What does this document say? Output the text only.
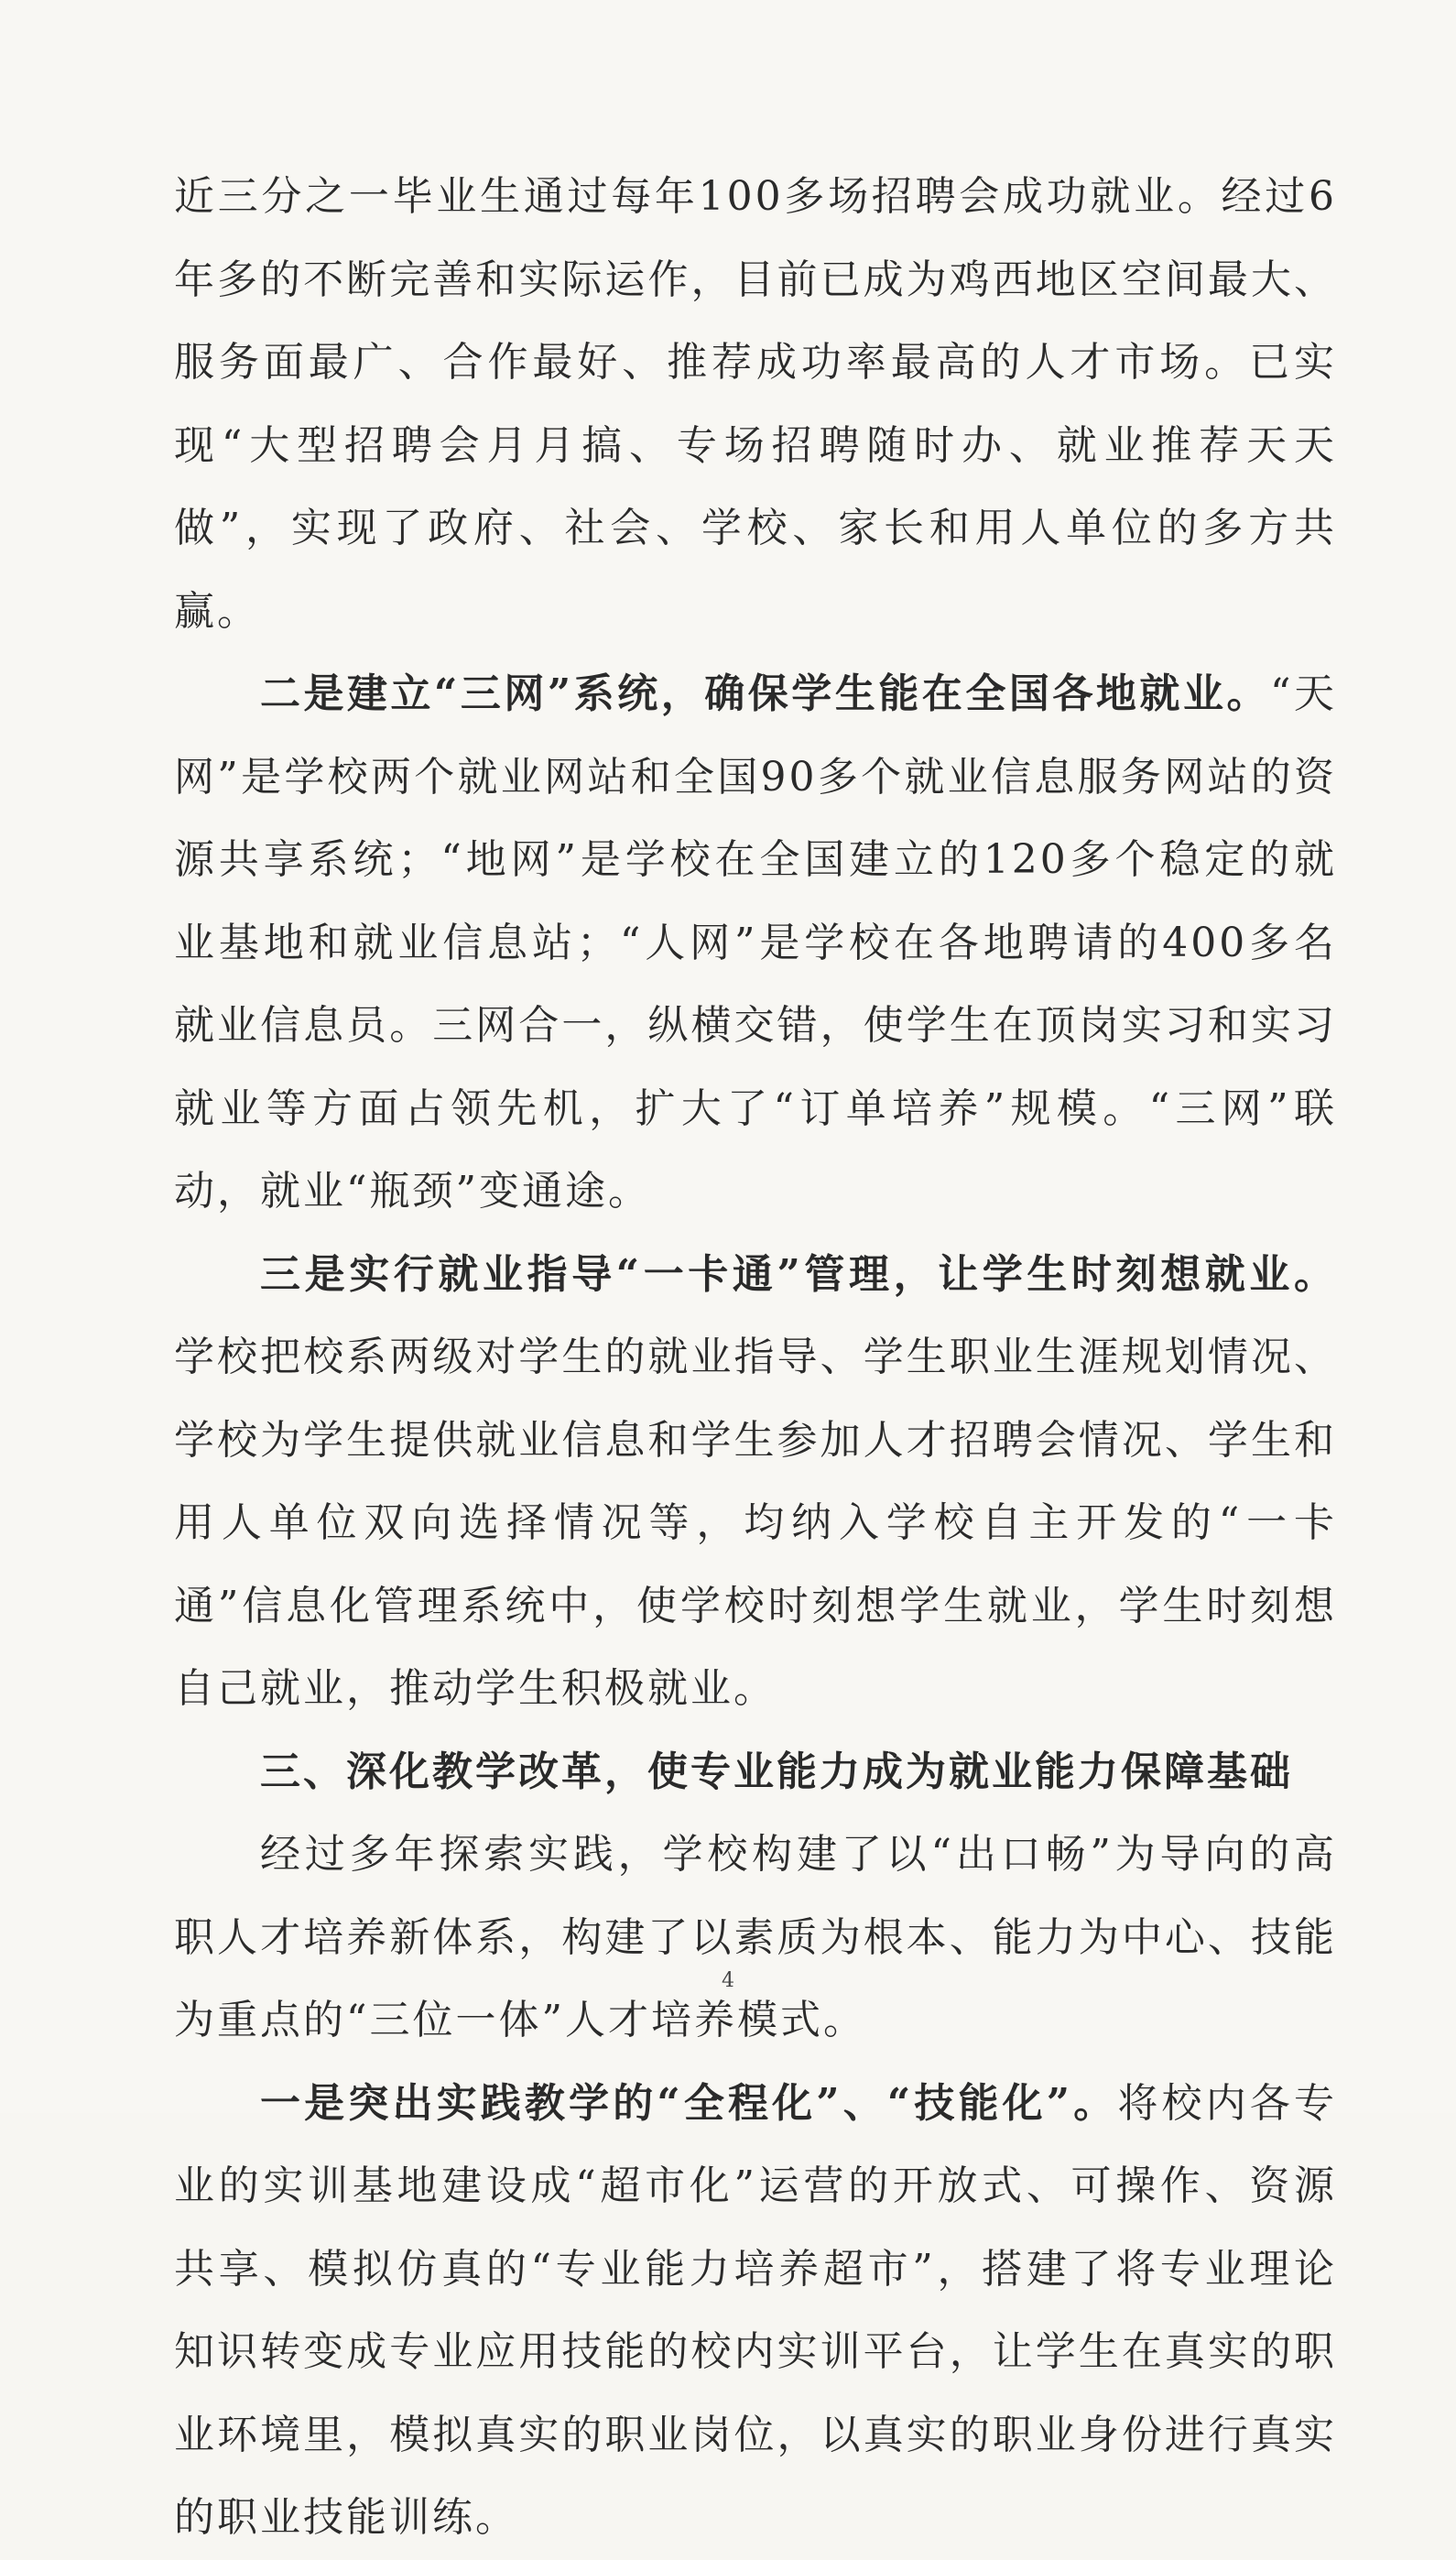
近三分之一毕业生通过每年100多场招聘会成功就业。经过6年多的不断完善和实际运作，目前已成为鸡西地区空间最大、服务面最广、合作最好、推荐成功率最高的人才市场。已实现“大型招聘会月月搞、专场招聘随时办、就业推荐天天做”，实现了政府、社会、学校、家长和用人单位的多方共赢。

二是建立“三网”系统，确保学生能在全国各地就业。“天网”是学校两个就业网站和全国90多个就业信息服务网站的资源共享系统；“地网”是学校在全国建立的120多个稳定的就业基地和就业信息站；“人网”是学校在各地聘请的400多名就业信息员。三网合一，纵横交错，使学生在顶岗实习和实习就业等方面占领先机，扩大了“订单培养”规模。“三网”联动，就业“瓶颈”变通途。

三是实行就业指导“一卡通”管理，让学生时刻想就业。学校把校系两级对学生的就业指导、学生职业生涯规划情况、学校为学生提供就业信息和学生参加人才招聘会情况、学生和用人单位双向选择情况等，均纳入学校自主开发的“一卡通”信息化管理系统中，使学校时刻想学生就业，学生时刻想自己就业，推动学生积极就业。

三、深化教学改革，使专业能力成为就业能力保障基础

经过多年探索实践，学校构建了以“出口畅”为导向的高职人才培养新体系，构建了以素质为根本、能力为中心、技能为重点的“三位一体”人才培养模式。

一是突出实践教学的“全程化”、“技能化”。将校内各专业的实训基地建设成“超市化”运营的开放式、可操作、资源共享、模拟仿真的“专业能力培养超市”，搭建了将专业理论知识转变成专业应用技能的校内实训平台，让学生在真实的职业环境里，模拟真实的职业岗位，以真实的职业身份进行真实的职业技能训练。

4
